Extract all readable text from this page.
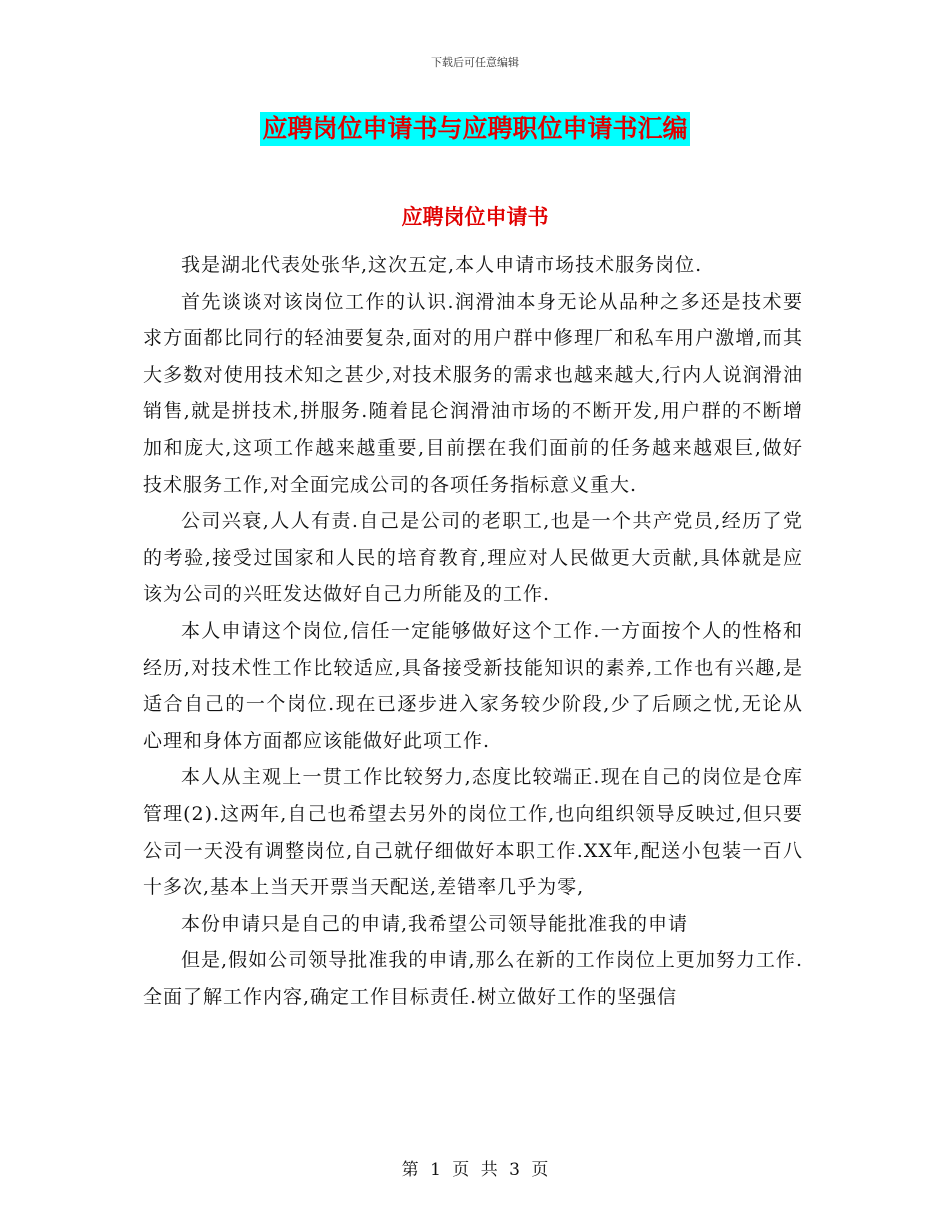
下载后可任意编辑
应聘岗位申请书与应聘职位申请书汇编
应聘岗位申请书

我是湖北代表处张华,这次五定,本人申请市场技术服务岗位.

首先谈谈对该岗位工作的认识.润滑油本身无论从品种之多还是技术要求方面都比同行的轻油要复杂,面对的用户群中修理厂和私车用户激增,而其大多数对使用技术知之甚少,对技术服务的需求也越来越大,行内人说润滑油销售,就是拼技术,拼服务.随着昆仑润滑油市场的不断开发,用户群的不断增加和庞大,这项工作越来越重要,目前摆在我们面前的任务越来越艰巨,做好技术服务工作,对全面完成公司的各项任务指标意义重大.

公司兴衰,人人有责.自己是公司的老职工,也是一个共产党员,经历了党的考验,接受过国家和人民的培育教育,理应对人民做更大贡献,具体就是应该为公司的兴旺发达做好自己力所能及的工作.

本人申请这个岗位,信任一定能够做好这个工作.一方面按个人的性格和经历,对技术性工作比较适应,具备接受新技能知识的素养,工作也有兴趣,是适合自己的一个岗位.现在已逐步进入家务较少阶段,少了后顾之忧,无论从心理和身体方面都应该能做好此项工作.

本人从主观上一贯工作比较努力,态度比较端正.现在自己的岗位是仓库管理(2).这两年,自己也希望去另外的岗位工作,也向组织领导反映过,但只要公司一天没有调整岗位,自己就仔细做好本职工作.XX年,配送小包装一百八十多次,基本上当天开票当天配送,差错率几乎为零,

本份申请只是自己的申请,我希望公司领导能批准我的申请

但是,假如公司领导批准我的申请,那么在新的工作岗位上更加努力工作.全面了解工作内容,确定工作目标责任.树立做好工作的坚强信

第 1 页 共 3 页
